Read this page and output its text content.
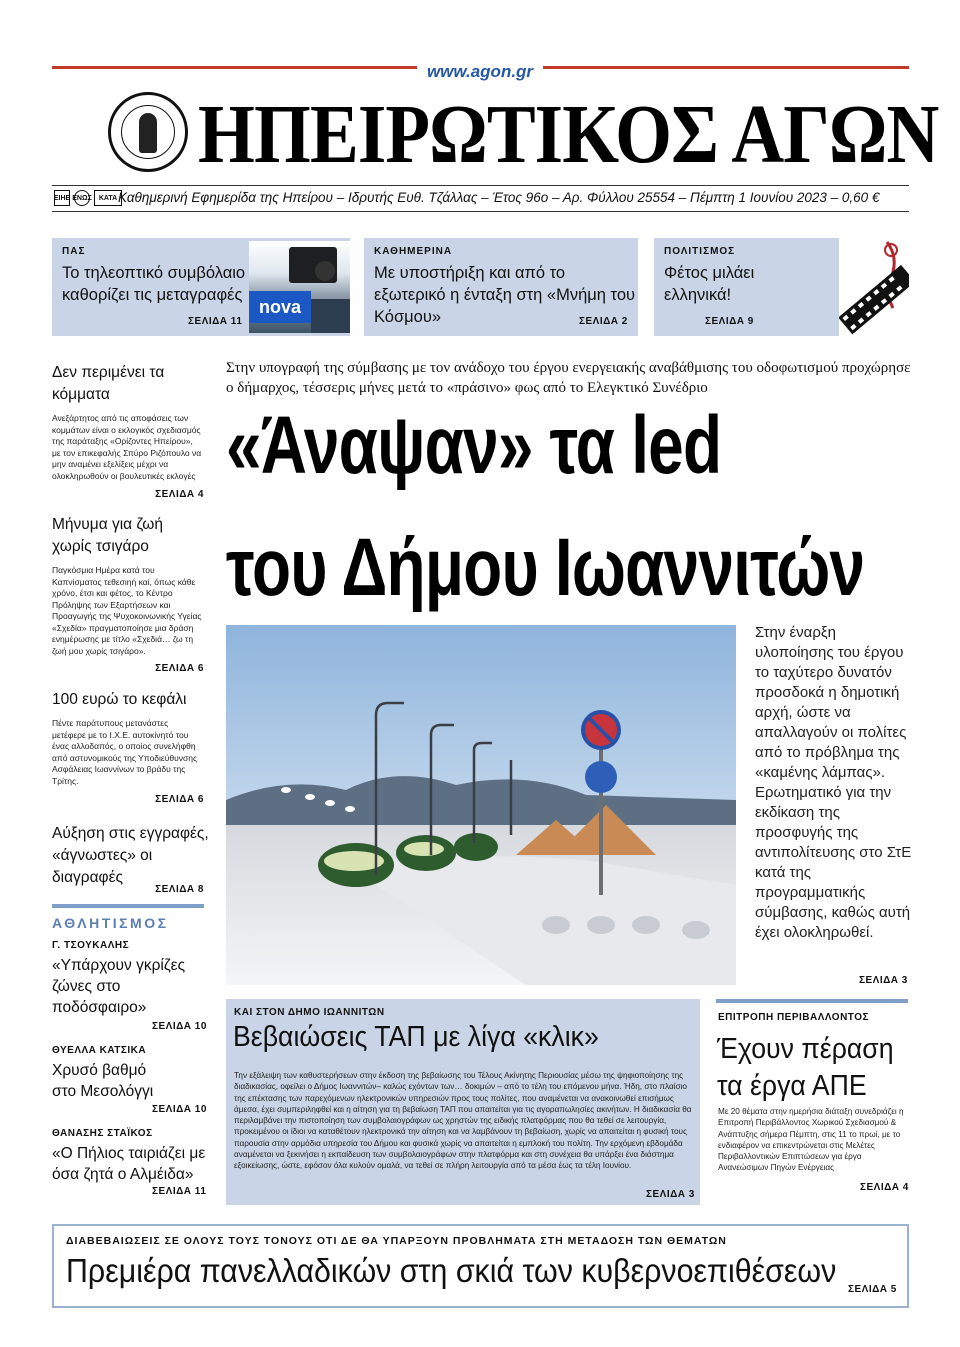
www.agon.gr
ΗΠΕΙΡΩΤΙΚΟΣ ΑΓΩΝ
ΕΙΗΕ ΕΝΩΣ	ΚΑΤΑ Καθημερινή Εφημερίδα της Ηπείρου – Ιδρυτής Ευθ. Τζάλλας – Έτος 96ο – Αρ. Φύλλου 25554 – Πέμπτη 1 Ιουνίου 2023 – 0,60 €
ΠΑΣ
Το τηλεοπτικό συμβόλαιο καθορίζει τις μεταγραφές
ΣΕΛΙΔΑ 11
nova
ΚΑΘΗΜΕΡΙΝΑ
Με υποστήριξη και από το εξωτερικό η ένταξη στη «Μνήμη του Κόσμου»	ΣΕΛΙΔΑ 2
ΠΟΛΙΤΙΣΜΟΣ
Φέτος μιλάει ελληνικά!
ΣΕΛΙΔΑ 9
Δεν περιμένει τα κόμματα
Ανεξάρτητος από τις αποφάσεις των κομμάτων είναι ο εκλογικός σχεδιασμός της παράταξης «Ορίζοντες Ηπείρου», με τον επικεφαλής Σπύρο Ριζόπουλο να μην αναμένει εξελίξεις μέχρι να ολοκληρωθούν οι βουλευτικές εκλογές
ΣΕΛΙΔΑ 4
Μήνυμα για ζωή χωρίς τσιγάρο
Παγκόσμια Ημέρα κατά του Καπνίσματος τεθεσιηή καί, όπως κάθε χρόνο, έτσι και φέτος, το Κέντρο Πρόληψης των Εξαρτήσεων και Προαγωγής της Ψυχοκοινωνικής Υγείας «Σχεδία» πραγματοποίησε μια δράση ενημέρωσης με τίτλο «Σχεδιά… ζω τη ζωή μου χωρίς τσιγάρο».
ΣΕΛΙΔΑ 6
100 ευρώ το κεφάλι
Πέντε παράτυπους μετανάστες μετέφερε με το Ι.Χ.Ε. αυτοκίνητό του ένας αλλοδαπός, ο οποίος συνελήφθη από αστυνομικούς της Υποδιεύθυνσης Ασφάλειας Ιωαννίνων το βράδυ της Τρίτης.
ΣΕΛΙΔΑ 6
Αύξηση στις εγγραφές, «άγνωστες» οι διαγραφές
ΣΕΛΙΔΑ 8
ΑΘΛΗΤΙΣΜΟΣ
Γ. ΤΣΟΥΚΑΛΗΣ
«Υπάρχουν γκρίζες ζώνες στο ποδόσφαιρο»
ΣΕΛΙΔΑ 10
ΘΥΕΛΛΑ ΚΑΤΣΙΚΑ
Χρυσό βαθμό στο Μεσολόγγι
ΣΕΛΙΔΑ 10
ΘΑΝΑΣΗΣ ΣΤΑΪΚΟΣ
«Ο Πήλιος ταιριάζει με όσα ζητά ο Αλμέιδα»
ΣΕΛΙΔΑ 11
Στην υπογραφή της σύμβασης με τον ανάδοχο του έργου ενεργειακής αναβάθμισης του οδοφωτισμού προχώρησε ο δήμαρχος, τέσσερις μήνες μετά το «πράσινο» φως από το Ελεγκτικό Συνέδριο
«Άναψαν» τα led
του Δήμου Ιωαννιτών
Στην έναρξη υλοποίησης του έργου το ταχύτερο δυνατόν προσδοκά η δημοτική αρχή, ώστε να απαλλαγούν οι πολίτες από το πρόβλημα της «καμένης λάμπας». Ερωτηματικό για την εκδίκαση της προσφυγής της αντιπολίτευσης στο ΣτΕ κατά της προγραμματικής σύμβασης, καθώς αυτή έχει ολοκληρωθεί.
ΣΕΛΙΔΑ 3
ΚΑΙ ΣΤΟΝ ΔΗΜΟ ΙΩΑΝΝΙΤΩΝ
Βεβαιώσεις ΤΑΠ με λίγα «κλικ»
Την εξάλειψη των καθυστερήσεων στην έκδοση της βεβαίωσης του Τέλους Ακίνητης Περιουσίας μέσω της ψηφιοποίησης της διαδικασίας, οφείλει ο Δήμος Ιωαννιτών– καλώς εχόντων των… δοκιμών – από το τέλη του επόμενου μήνα. Ήδη, στο πλαίσιο της επέκτασης των παρεχόμενων ηλεκτρονικών υπηρεσιών προς τους πολίτες, που αναμένεται να ανακοινωθεί επισήμως άμεσα, έχει συμπεριληφθεί και η αίτηση για τη βεβαίωση ΤΑΠ που απαιτείται για τις αγοραπωλησίες ακινήτων. Η διαδικασία θα περιλαμβάνει την πιστοποίηση των συμβολαιογράφων ως χρηστών της ειδικής πλατφόρμας που θα τεθεί σε λειτουργία, προκειμένου οι ίδιοι να καταθέτουν ηλεκτρονικά την αίτηση και να λαμβάνουν τη βεβαίωση, χωρίς να απαιτείται η φυσική τους παρουσία στην αρμόδια υπηρεσία του Δήμου και φυσικά χωρίς να απαιτείται η εμπλοκή του πολίτη. Την ερχόμενη εβδομάδα αναμένεται να ξεκινήσει η εκπαίδευση των συμβολαιογράφων στην πλατφόρμα και στη συνέχεια θα υπάρξει ένα διάστημα εξοικείωσης, ώστε, εφόσον όλα κυλούν ομαλά, να τεθεί σε πλήρη λειτουργία από τα μέσα έως τα τέλη Ιουνίου.
ΣΕΛΙΔΑ 3
ΕΠΙΤΡΟΠΗ ΠΕΡΙΒΑΛΛΟΝΤΟΣ
Έχουν πέραση
τα έργα ΑΠΕ
Με 20 θέματα στην ημερήσια διάταξη συνεδριάζει η Επιτροπή Περιβάλλοντος Χωρικού Σχεδιασμού & Ανάπτυξης σήμερα Πέμπτη, στις 11 το πρωί, με το ενδιαφέρον να επικεντρώνεται στις Μελέτες Περιβαλλοντικών Επιπτώσεων για έργα Ανανεώσιμων Πηγών Ενέργειας
ΣΕΛΙΔΑ 4
ΔΙΑΒΕΒΑΙΩΣΕΙΣ ΣΕ ΟΛΟΥΣ ΤΟΥΣ ΤΟΝΟΥΣ ΟΤΙ ΔΕ ΘΑ ΥΠΑΡΞΟΥΝ ΠΡΟΒΛΗΜΑΤΑ ΣΤΗ ΜΕΤΑΔΟΣΗ ΤΩΝ ΘΕΜΑΤΩΝ
Πρεμιέρα πανελλαδικών στη σκιά των κυβερνοεπιθέσεων
ΣΕΛΙΔΑ 5
